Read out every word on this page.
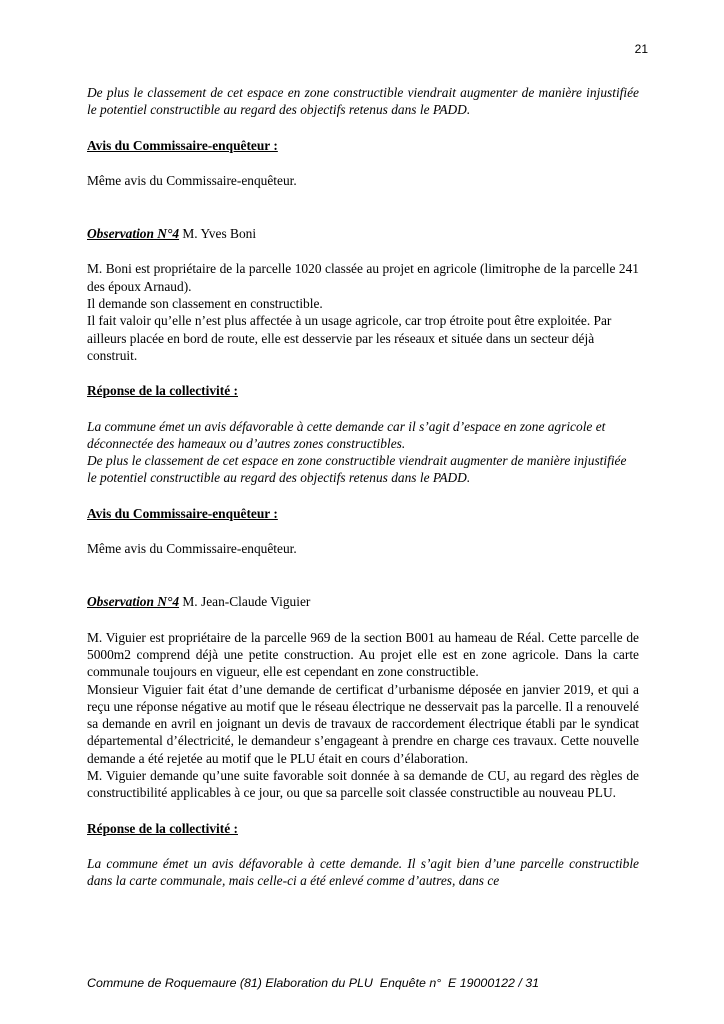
21

De plus le classement de cet espace en zone constructible viendrait augmenter de manière injustifiée le potentiel constructible au regard des objectifs retenus dans le PADD.

Avis du Commissaire-enquêteur :

Même avis du Commissaire-enquêteur.

Observation N°4 M. Yves Boni

M. Boni est propriétaire de la parcelle 1020 classée au projet en agricole (limitrophe de la parcelle 241 des époux Arnaud).

Il demande son classement en constructible.

Il fait valoir qu’elle n’est plus affectée à un usage agricole, car trop étroite pout être exploitée. Par ailleurs placée en bord de route, elle est desservie par les réseaux et située dans un secteur déjà construit.

Réponse de la collectivité :

La commune émet un avis défavorable à cette demande car il s’agit d’espace en zone agricole et déconnectée des hameaux ou d’autres zones constructibles.

De plus le classement de cet espace en zone constructible viendrait augmenter de manière injustifiée le potentiel constructible au regard des objectifs retenus dans le PADD.

Avis du Commissaire-enquêteur :

Même avis du Commissaire-enquêteur.

Observation N°4 M. Jean-Claude Viguier

M. Viguier est propriétaire de la parcelle 969 de la section B001 au hameau de Réal. Cette parcelle de 5000m2 comprend déjà une petite construction. Au projet elle est en zone agricole. Dans la carte communale toujours en vigueur, elle est cependant en zone constructible.

Monsieur Viguier fait état d’une demande de certificat d’urbanisme déposée en janvier 2019, et qui a reçu une réponse négative au motif que le réseau électrique ne desservait pas la parcelle. Il a renouvelé sa demande en avril en joignant un devis de travaux de raccordement électrique établi par le syndicat départemental d’électricité, le demandeur s’engageant à prendre en charge ces travaux. Cette nouvelle demande a été rejetée au motif que le PLU était en cours d’élaboration.

M. Viguier demande qu’une suite favorable soit donnée à sa demande de CU, au regard des règles de constructibilité applicables à ce jour, ou que sa parcelle soit classée constructible au nouveau PLU.

Réponse de la collectivité :

La commune émet un avis défavorable à cette demande. Il s’agit bien d’une parcelle constructible dans la carte communale, mais celle-ci a été enlevé comme d’autres, dans ce

Commune de Roquemaure (81) Elaboration du PLU  Enquête n°  E 19000122 / 31
